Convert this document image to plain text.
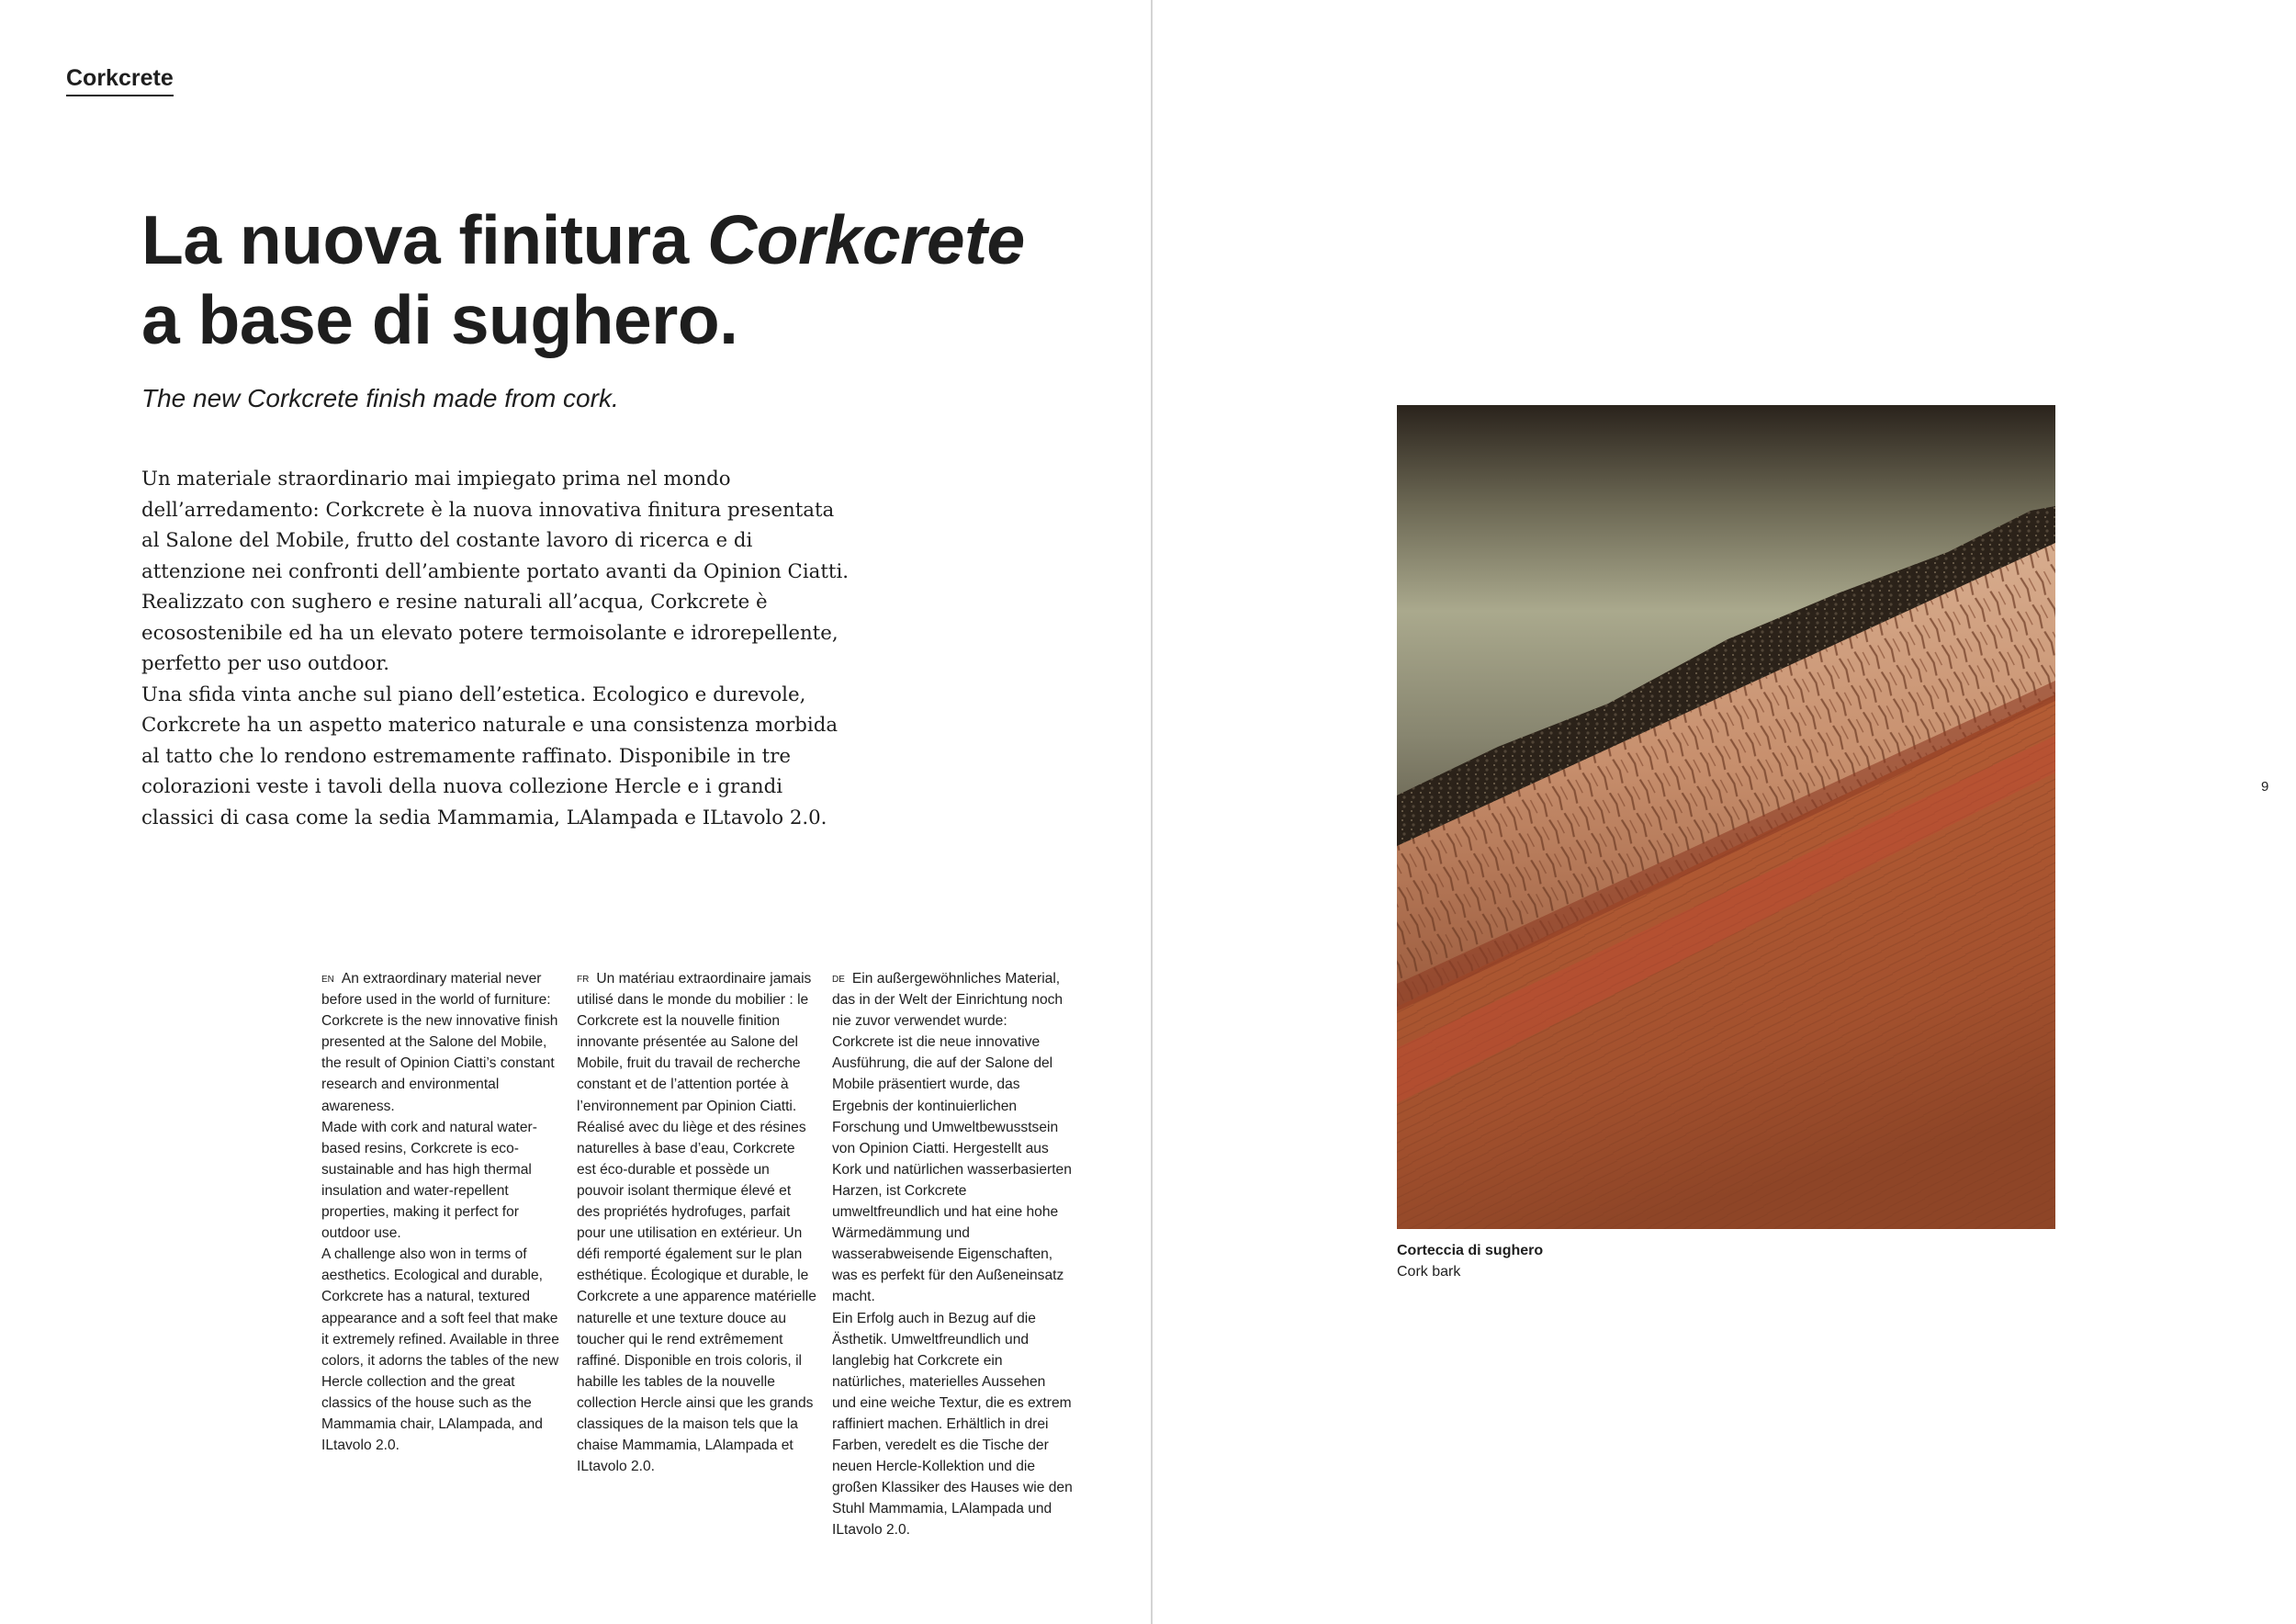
Corkcrete
La nuova finitura Corkcrete
a base di sughero.
The new Corkcrete finish made from cork.

Un materiale straordinario mai impiegato prima nel mondo dell’arredamento: Corkcrete è la nuova innovativa finitura presentata al Salone del Mobile, frutto del costante lavoro di ricerca e di attenzione nei confronti dell’ambiente portato avanti da Opinion Ciatti.

Realizzato con sughero e resine naturali all’acqua, Corkcrete è ecosostenibile ed ha un elevato potere termoisolante e idrorepellente, perfetto per uso outdoor.

Una sfida vinta anche sul piano dell’estetica. Ecologico e durevole, Corkcrete ha un aspetto materico naturale e una consistenza morbida al tatto che lo rendono estremamente raffinato. Disponibile in tre colorazioni veste i tavoli della nuova collezione Hercle e i grandi classici di casa come la sedia Mammamia, LAlampada e ILtavolo 2.0.

$^{EN}$ An extraordinary material never before used in the world of furniture: Corkcrete is the new innovative finish presented at the Salone del Mobile, the result of Opinion Ciatti’s constant research and environmental awareness.

Made with cork and natural water-based resins, Corkcrete is eco-sustainable and has high thermal insulation and water-repellent properties, making it perfect for outdoor use.

A challenge also won in terms of aesthetics. Ecological and durable, Corkcrete has a natural, textured appearance and a soft feel that make it extremely refined. Available in three colors, it adorns the tables of the new Hercle collection and the great classics of the house such as the Mammamia chair, LAlampada, and ILtavolo 2.0.

$^{FR}$ Un matériau extraordinaire jamais utilisé dans le monde du mobilier : le Corkcrete est la nouvelle finition innovante présentée au Salone del Mobile, fruit du travail de recherche constant et de l’attention portée à l’environnement par Opinion Ciatti. Réalisé avec du liège et des résines naturelles à base d’eau, Corkcrete est éco-durable et possède un pouvoir isolant thermique élevé et des propriétés hydrofuges, parfait pour une utilisation en extérieur. Un défi remporté également sur le plan esthétique. Écologique et durable, le Corkcrete a une apparence matérielle naturelle et une texture douce au toucher qui le rend extrêmement raffiné. Disponible en trois coloris, il habille les tables de la nouvelle collection Hercle ainsi que les grands classiques de la maison tels que la chaise Mammamia, LAlampada et ILtavolo 2.0.

$^{DE}$ Ein außergewöhnliches Material, das in der Welt der Einrichtung noch nie zuvor verwendet wurde: Corkcrete ist die neue innovative Ausführung, die auf der Salone del Mobile präsentiert wurde, das Ergebnis der kontinuierlichen Forschung und Umweltbewusstsein von Opinion Ciatti. Hergestellt aus Kork und natürlichen wasserbasierten Harzen, ist Corkcrete umweltfreundlich und hat eine hohe Wärmedämmung und wasserabweisende Eigenschaften, was es perfekt für den Außeneinsatz macht.

Ein Erfolg auch in Bezug auf die Ästhetik. Umweltfreundlich und langlebig hat Corkcrete ein natürliches, materielles Aussehen und eine weiche Textur, die es extrem raffiniert machen. Erhältlich in drei Farben, veredelt es die Tische der neuen Hercle-Kollektion und die großen Klassiker des Hauses wie den Stuhl Mammamia, LAlampada und ILtavolo 2.0.

Corteccia di sughero
Cork bark
9
